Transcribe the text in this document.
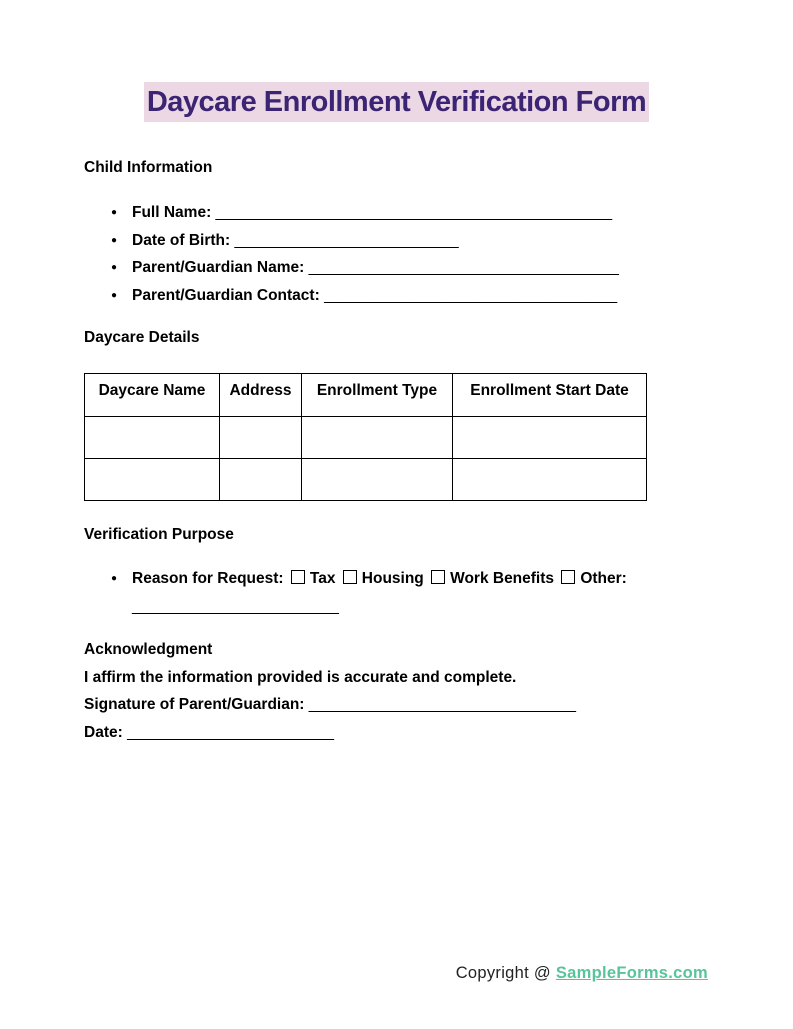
Daycare Enrollment Verification Form
Child Information
● Full Name: ______________________________________________
● Date of Birth: __________________________
● Parent/Guardian Name: ____________________________________
● Parent/Guardian Contact: __________________________________
Daycare Details
Daycare Name	Address	Enrollment Type	Enrollment Start Date

Verification Purpose
● Reason for Request: Tax Housing Work Benefits Other:
________________________
Acknowledgment
I affirm the information provided is accurate and complete.
Signature of Parent/Guardian: _______________________________
Date: ________________________
Copyright @ SampleForms.com
